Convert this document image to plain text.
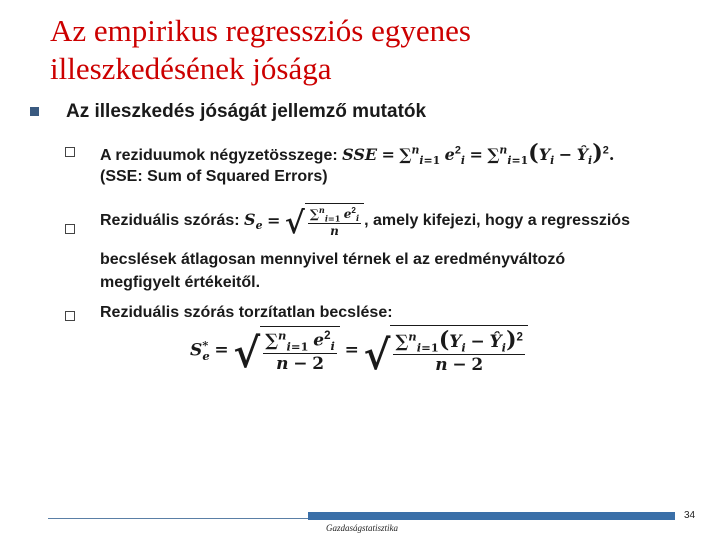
Az empirikus regressziós egyenes
illeszkedésének jósága
Az illeszkedés jóságát jellemző mutatók
A reziduumok négyzetösszege: SSE = ∑$^n_{i=1}$ $e^2_i = \sum^n_{i=1}(Y_i$ − $Ŷ_i)^2$.
(SSE: Sum of Squared Errors)
Reziduális szórás: $S_e$
=
√ $\frac{\sum^n_{i=1} e^2_i}{n}$ , amely kifejezi, hogy a regressziós
becslések átlagosan mennyivel térnek el az eredményváltozó
megfigyelt értékeitől.
Reziduális szórás torzítatlan becslése:
$S^*_e$
=
√ $\frac{\sum^n_{i=1} e^2_i}{n - 2}$
=
√ $\frac{\sum^n_{i=1}(Y_i - Ŷ_i)^2}{n - 2}$
34
Gazdaságstatisztika
